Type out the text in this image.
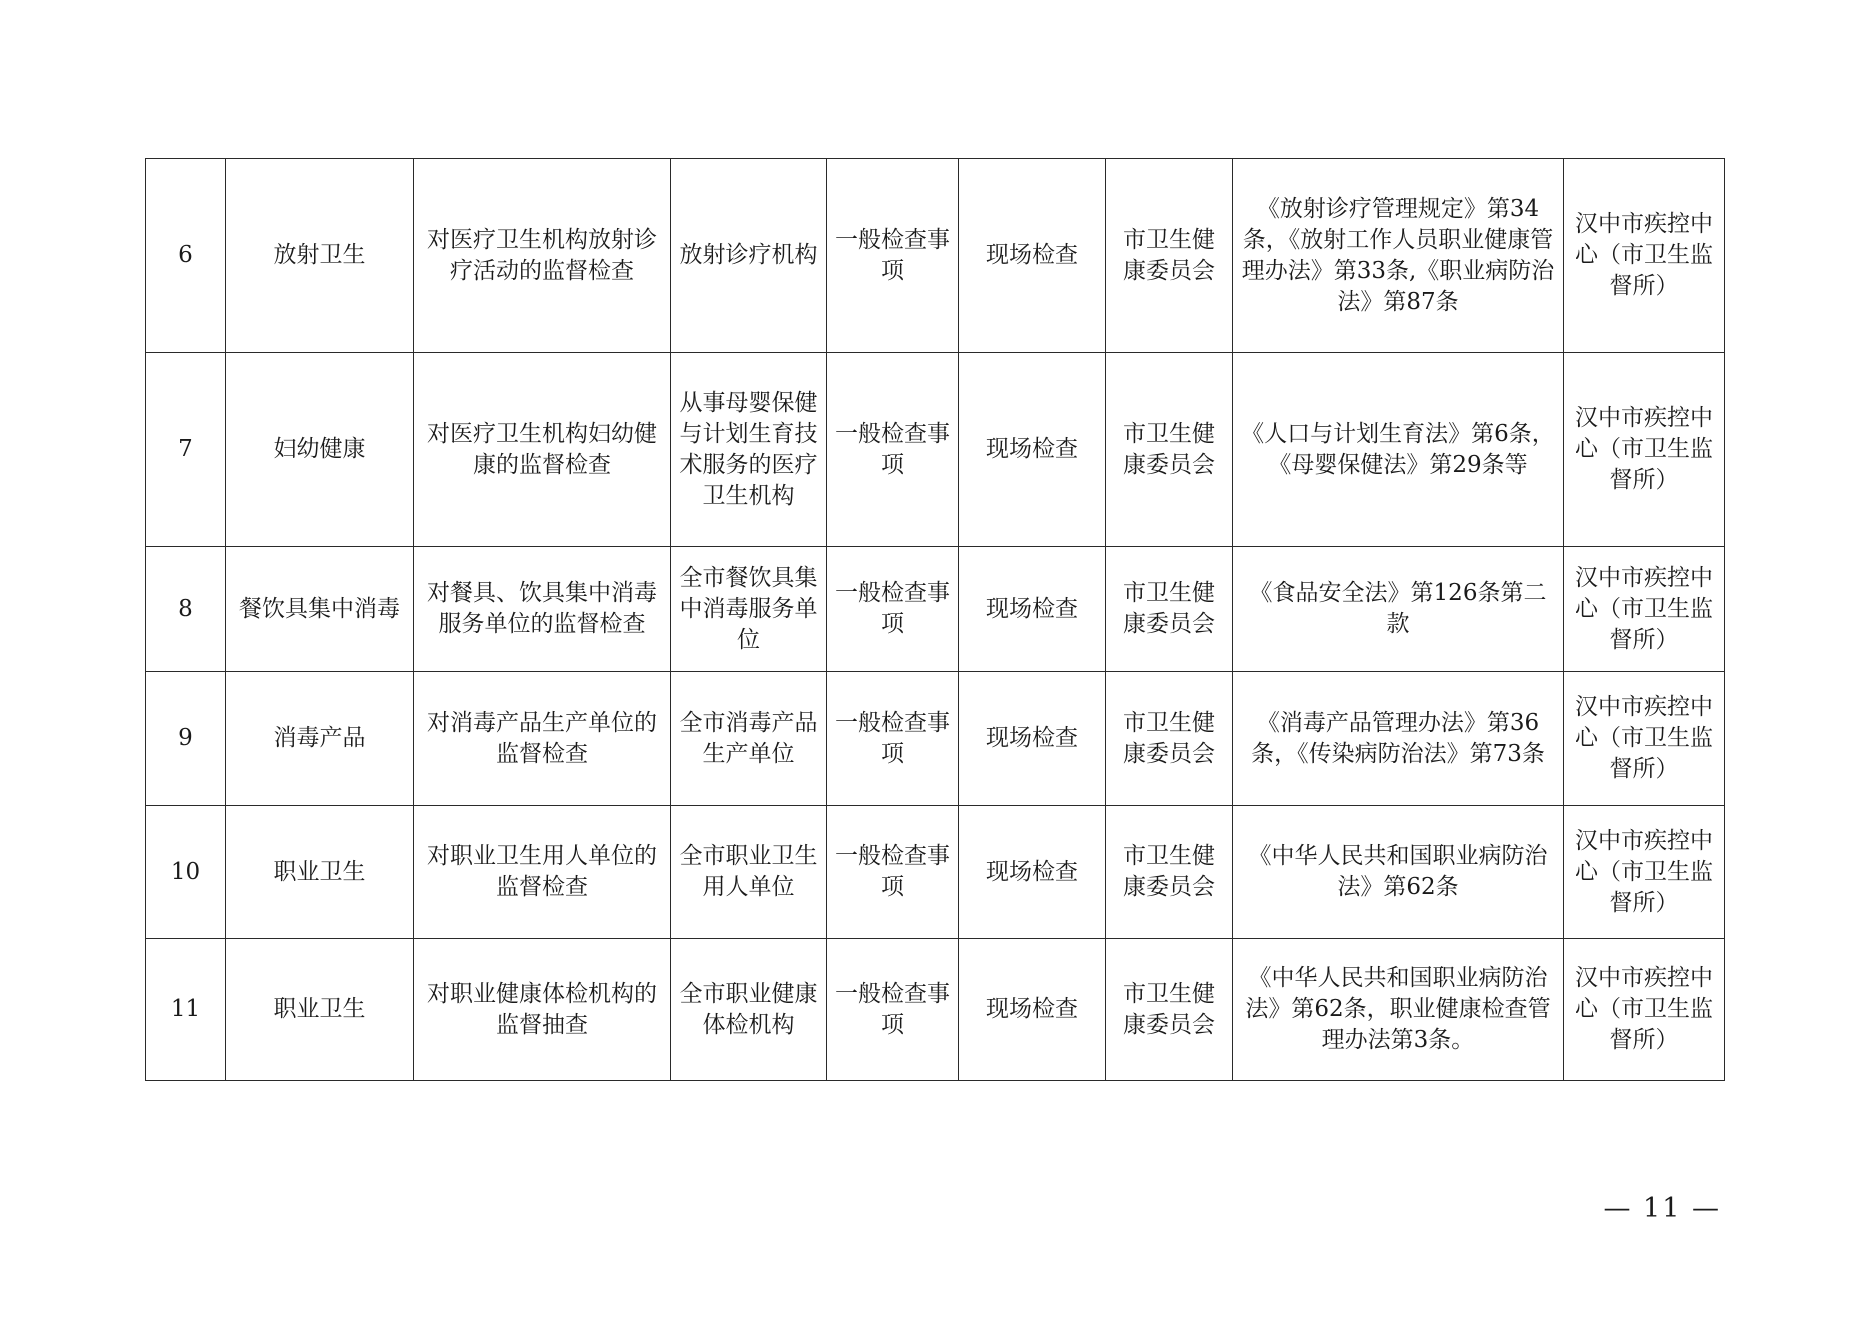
6	放射卫生	对医疗卫生机构放射诊疗活动的监督检查	放射诊疗机构	一般检查事项	现场检查	市卫生健康委员会	《放射诊疗管理规定》第34条，《放射工作人员职业健康管理办法》第33条,《职业病防治法》第87条	汉中市疾控中心（市卫生监督所）
7	妇幼健康	对医疗卫生机构妇幼健康的监督检查	从事母婴保健与计划生育技术服务的医疗卫生机构	一般检查事项	现场检查	市卫生健康委员会	《人口与计划生育法》第6条，《母婴保健法》第29条等	汉中市疾控中心（市卫生监督所）
8	餐饮具集中消毒	对餐具、饮具集中消毒服务单位的监督检查	全市餐饮具集中消毒服务单位	一般检查事项	现场检查	市卫生健康委员会	《食品安全法》第126条第二款	汉中市疾控中心（市卫生监督所）
9	消毒产品	对消毒产品生产单位的监督检查	全市消毒产品生产单位	一般检查事项	现场检查	市卫生健康委员会	《消毒产品管理办法》第36条，《传染病防治法》第73条	汉中市疾控中心（市卫生监督所）
10	职业卫生	对职业卫生用人单位的监督检查	全市职业卫生用人单位	一般检查事项	现场检查	市卫生健康委员会	《中华人民共和国职业病防治法》第62条	汉中市疾控中心（市卫生监督所）
11	职业卫生	对职业健康体检机构的监督抽查	全市职业健康体检机构	一般检查事项	现场检查	市卫生健康委员会	《中华人民共和国职业病防治法》第62条，职业健康检查管理办法第3条。	汉中市疾控中心（市卫生监督所）
— 11 —
